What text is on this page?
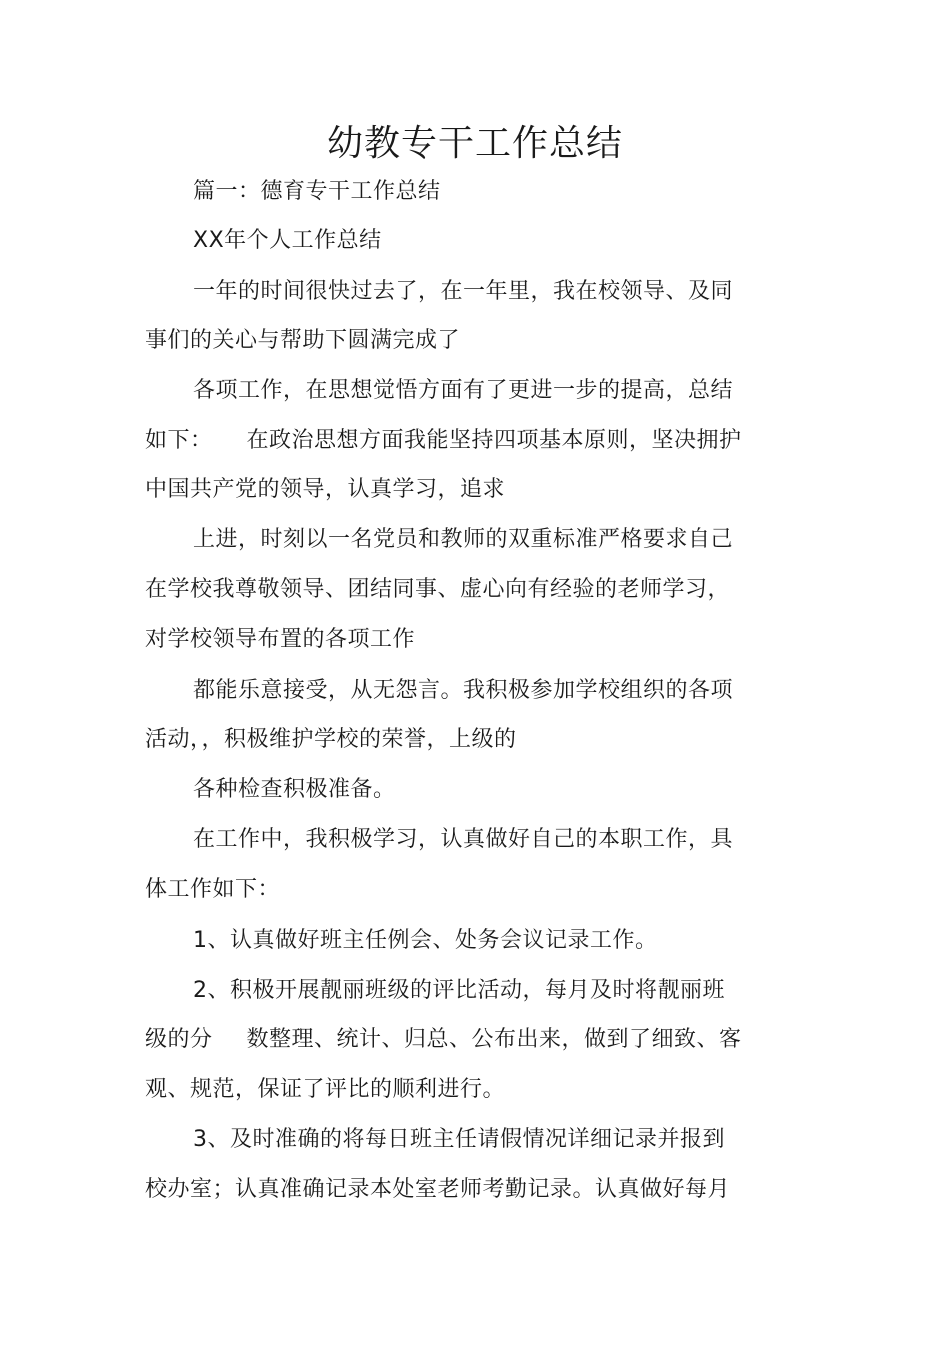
幼教专干工作总结
篇一：德育专干工作总结
XX年个人工作总结
一年的时间很快过去了，在一年里，我在校领导、及同
事们的关心与帮助下圆满完成了
各项工作，在思想觉悟方面有了更进一步的提高，总结
如下： 在政治思想方面我能坚持四项基本原则，坚决拥护
中国共产党的领导，认真学习，追求
上进，时刻以一名党员和教师的双重标准严格要求自己
在学校我尊敬领导、团结同事、虚心向有经验的老师学习，
对学校领导布置的各项工作
都能乐意接受，从无怨言。我积极参加学校组织的各项
活动，，积极维护学校的荣誉，上级的
各种检查积极准备。
在工作中，我积极学习，认真做好自己的本职工作，具
体工作如下：
1、认真做好班主任例会、处务会议记录工作。
2、积极开展靓丽班级的评比活动，每月及时将靓丽班
级的分 数整理、统计、归总、公布出来，做到了细致、客
观、规范，保证了评比的顺利进行。
3、及时准确的将每日班主任请假情况详细记录并报到
校办室；认真准确记录本处室老师考勤记录。认真做好每月
